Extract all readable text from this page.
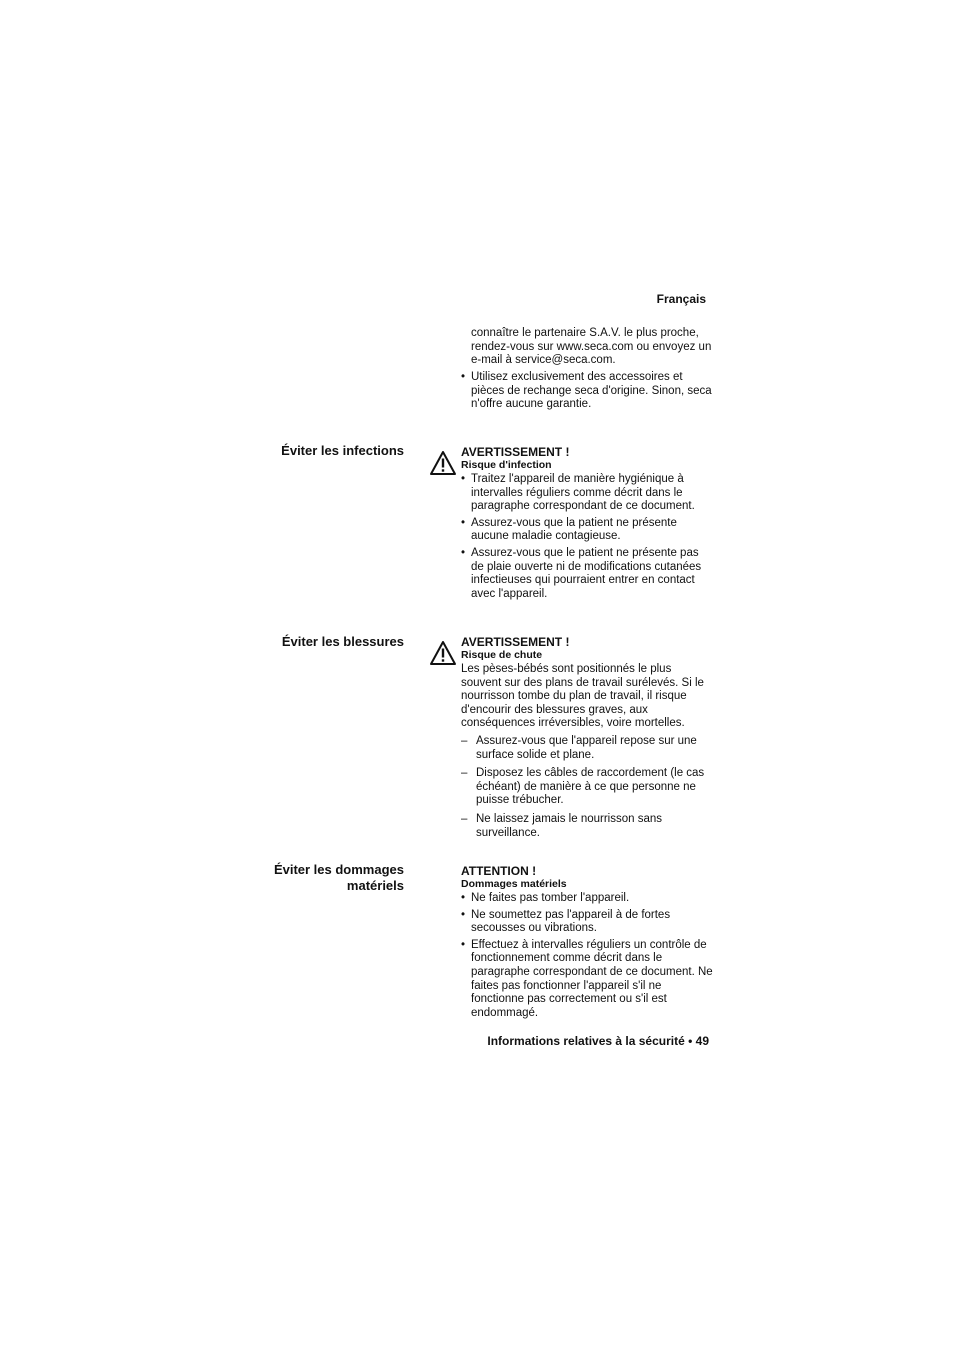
Français

connaître le partenaire S.A.V. le plus proche, rendez-vous sur www.seca.com ou envoyez un e-mail à service@seca.com.

• Utilisez exclusivement des accessoires et pièces de rechange seca d'origine. Sinon, seca n'offre aucune garantie.

Éviter les infections	AVERTISSEMENT !
Risque d'infection

• Traitez l'appareil de manière hygiénique à intervalles réguliers comme décrit dans le paragraphe correspondant de ce document.

• Assurez-vous que la patient ne présente aucune maladie contagieuse.

• Assurez-vous que le patient ne présente pas de plaie ouverte ni de modifications cutanées infectieuses qui pourraient entrer en contact avec l'appareil.

Éviter les blessures	AVERTISSEMENT !
Risque de chute

Les pèses-bébés sont positionnés le plus souvent sur des plans de travail surélevés. Si le nourrisson tombe du plan de travail, il risque d'encourir des blessures graves, aux conséquences irréversibles, voire mortelles.

– Assurez-vous que l'appareil repose sur une surface solide et plane.

– Disposez les câbles de raccordement (le cas échéant) de manière à ce que personne ne puisse trébucher.

– Ne laissez jamais le nourrisson sans surveillance.

Éviter les dommages
matériels
ATTENTION !
Dommages matériels

• Ne faites pas tomber l'appareil.

• Ne soumettez pas l'appareil à de fortes secousses ou vibrations.

• Effectuez à intervalles réguliers un contrôle de fonctionnement comme décrit dans le paragraphe correspondant de ce document. Ne faites pas fonctionner l'appareil s'il ne fonctionne pas correctement ou s'il est endommagé.

Informations relatives à la sécurité • 49
